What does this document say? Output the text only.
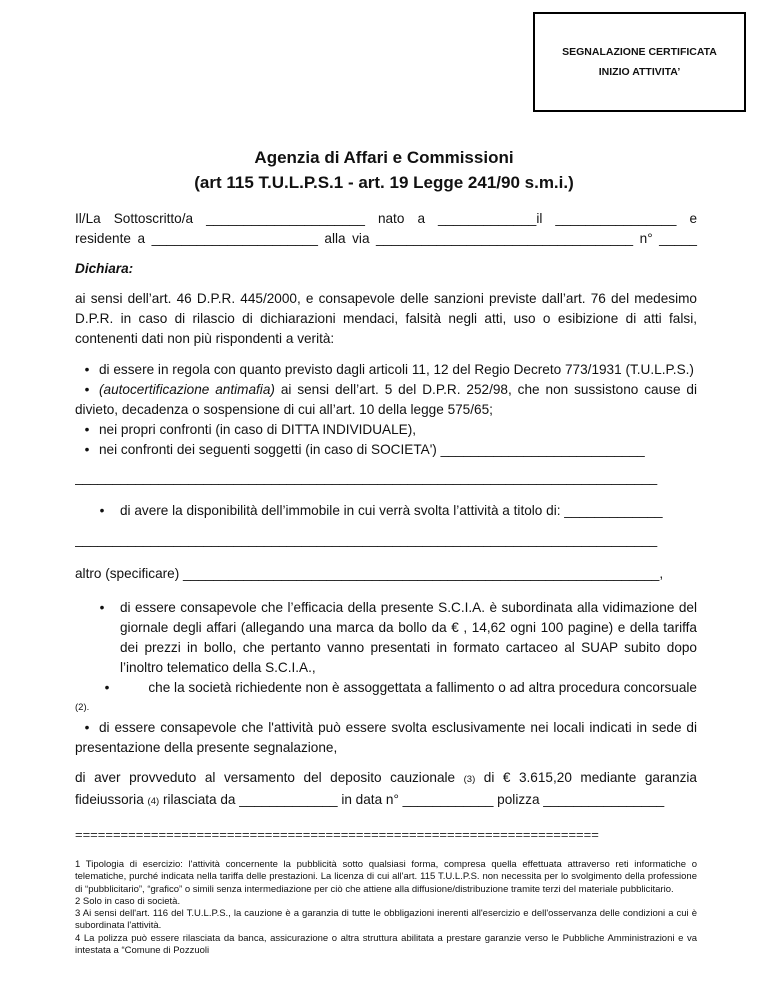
SEGNALAZIONE CERTIFICATA
INIZIO ATTIVITA’
Agenzia di Affari e Commissioni
(art 115 T.U.L.P.S.1 - art. 19 Legge 241/90 s.m.i.)
Il/La Sottoscritto/a _____________________ nato a _____________il ________________ e
residente a ______________________ alla via __________________________________ n° _____
Dichiara:
ai sensi dell’art. 46 D.P.R. 445/2000, e consapevole delle sanzioni previste dall’art. 76 del medesimo D.P.R. in caso di rilascio di dichiarazioni mendaci, falsità negli atti, uso o esibizione di atti falsi, contenenti dati non più rispondenti a verità:
• di essere in regola con quanto previsto dagli articoli 11, 12 del Regio Decreto 773/1931 (T.U.L.P.S.)
• (autocertificazione antimafia) ai sensi dell’art. 5 del D.P.R. 252/98, che non sussistono cause di divieto, decadenza o sospensione di cui all’art. 10 della legge 575/65;
• nei propri confronti (in caso di DITTA INDIVIDUALE),
• nei confronti dei seguenti soggetti (in caso di SOCIETA') ___________________________
_____________________________________________________________________________
•	di avere la disponibilità dell’immobile in cui verrà svolta l’attività a titolo di: _____________
_____________________________________________________________________________
altro (specificare) _______________________________________________________________,
•	di essere consapevole che l’efficacia della presente S.C.I.A. è subordinata alla vidimazione del giornale degli affari (allegando una marca da bollo da € , 14,62 ogni 100 pagine) e della tariffa dei prezzi in bollo, che pertanto vanno presentati in formato cartaceo al SUAP subito dopo l’inoltro telematico della S.C.I.A.,
•	che la società richiedente non è assoggettata a fallimento o ad altra procedura concorsuale
(2).
• di essere consapevole che l'attività può essere svolta esclusivamente nei locali indicati in sede di presentazione della presente segnalazione,
di aver provveduto al versamento del deposito cauzionale (3) di € 3.615,20 mediante garanzia fideiussoria (4) rilasciata da _____________ in data n° ____________ polizza ________________
=====================================================================
1 Tipologia di esercizio: l'attività concernente la pubblicità sotto qualsiasi forma, compresa quella effettuata attraverso reti informatiche o telematiche, purché indicata nella tariffa delle prestazioni. La licenza di cui all'art. 115 T.U.L.P.S. non necessita per lo svolgimento della professione di “pubblicitario”, “grafico” o simili senza intermediazione per ciò che attiene alla diffusione/distribuzione tramite terzi del materiale pubblicitario.
2 Solo in caso di società.
3 Ai sensi dell'art. 116 del T.U.L.P.S., la cauzione è a garanzia di tutte le obbligazioni inerenti all'esercizio e dell'osservanza delle condizioni a cui è subordinata l'attività.
4 La polizza può essere rilasciata da banca, assicurazione o altra struttura abilitata a prestare garanzie verso le Pubbliche Amministrazioni e va intestata a “Comune di Pozzuoli
